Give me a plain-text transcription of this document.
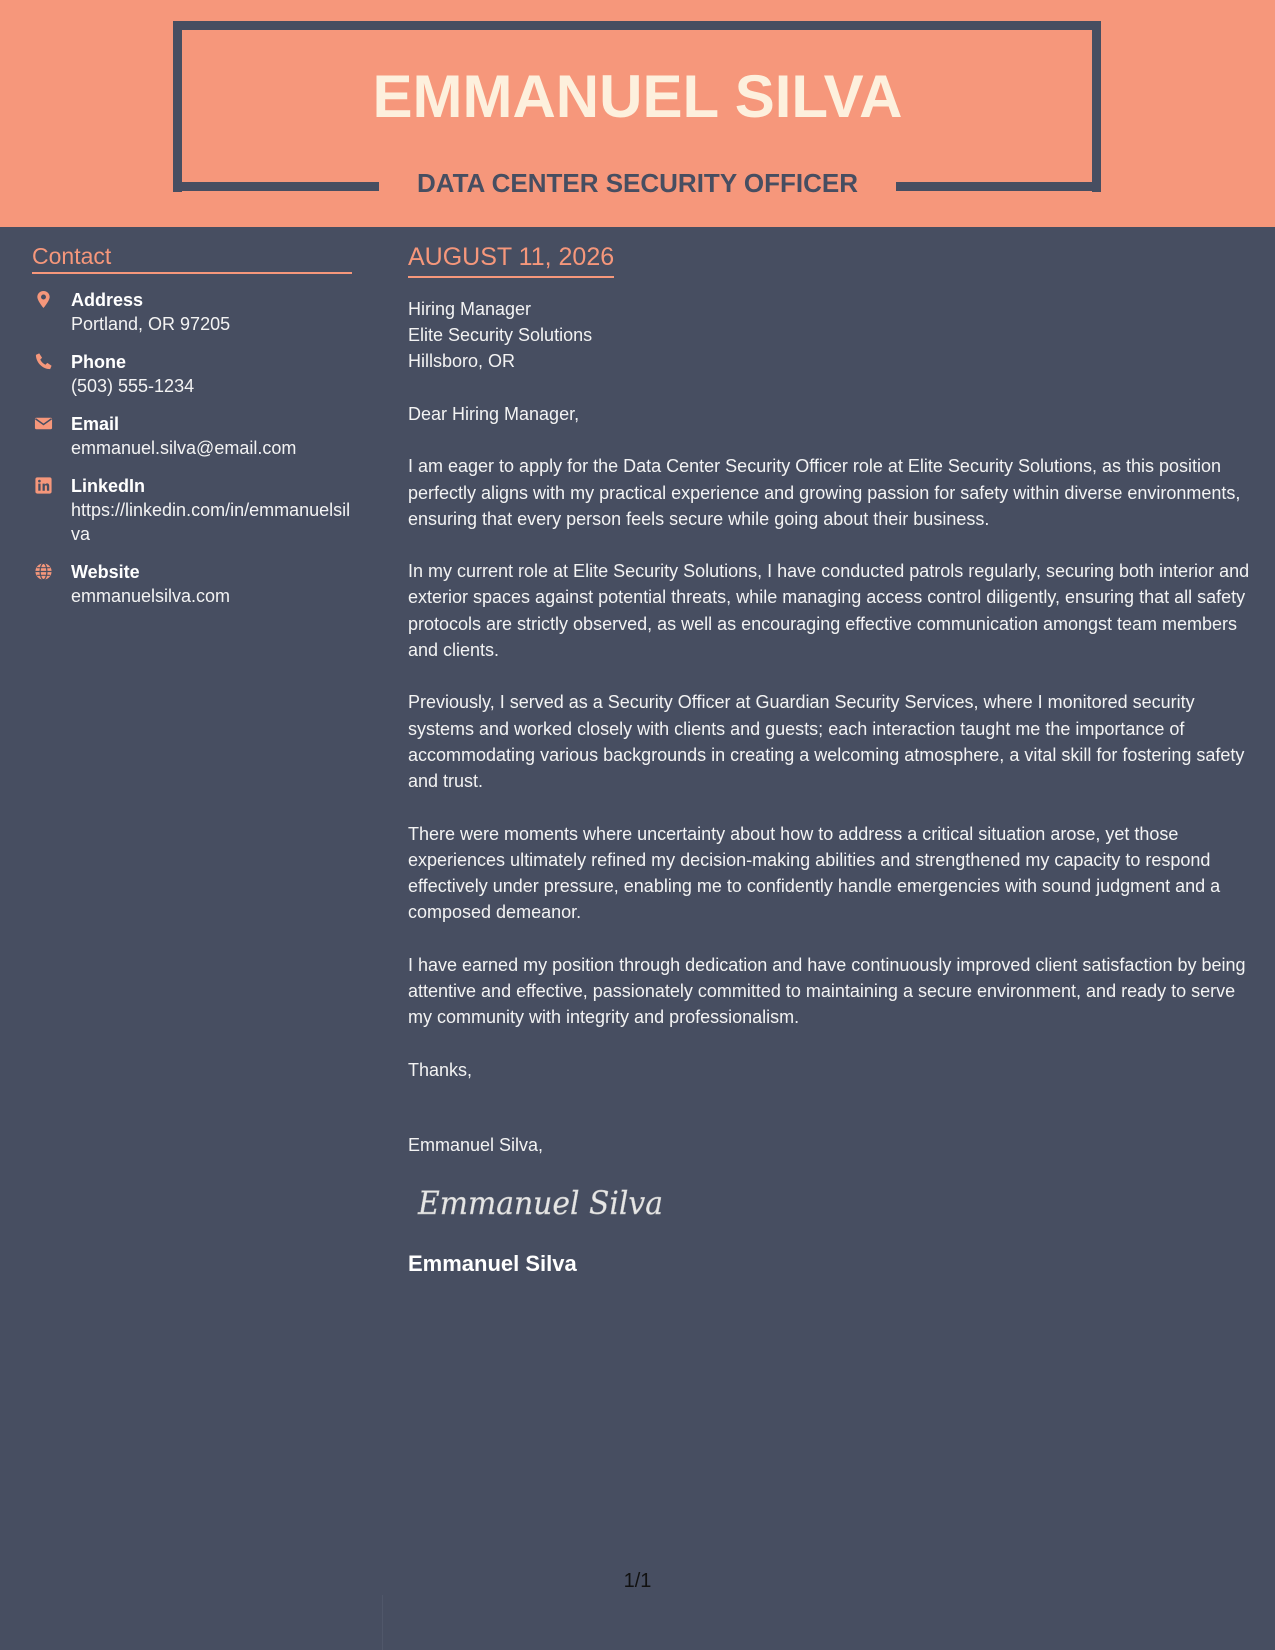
EMMANUEL SILVA
DATA CENTER SECURITY OFFICER
Contact
Address
Portland, OR 97205
Phone
(503) 555-1234
Email
emmanuel.silva@email.com
LinkedIn
https://linkedin.com/in/emmanuelsilva
Website
emmanuelsilva.com
AUGUST 11, 2026
Hiring Manager
Elite Security Solutions
Hillsboro, OR

Dear Hiring Manager,

I am eager to apply for the Data Center Security Officer role at Elite Security Solutions, as this position perfectly aligns with my practical experience and growing passion for safety within diverse environments, ensuring that every person feels secure while going about their business.

In my current role at Elite Security Solutions, I have conducted patrols regularly, securing both interior and exterior spaces against potential threats, while managing access control diligently, ensuring that all safety protocols are strictly observed, as well as encouraging effective communication amongst team members and clients.

Previously, I served as a Security Officer at Guardian Security Services, where I monitored security systems and worked closely with clients and guests; each interaction taught me the importance of accommodating various backgrounds in creating a welcoming atmosphere, a vital skill for fostering safety and trust.

There were moments where uncertainty about how to address a critical situation arose, yet those experiences ultimately refined my decision-making abilities and strengthened my capacity to respond effectively under pressure, enabling me to confidently handle emergencies with sound judgment and a composed demeanor.

I have earned my position through dedication and have continuously improved client satisfaction by being attentive and effective, passionately committed to maintaining a secure environment, and ready to serve my community with integrity and professionalism.

Thanks,

Emmanuel Silva,
Emmanuel Silva
Emmanuel Silva
1/1
